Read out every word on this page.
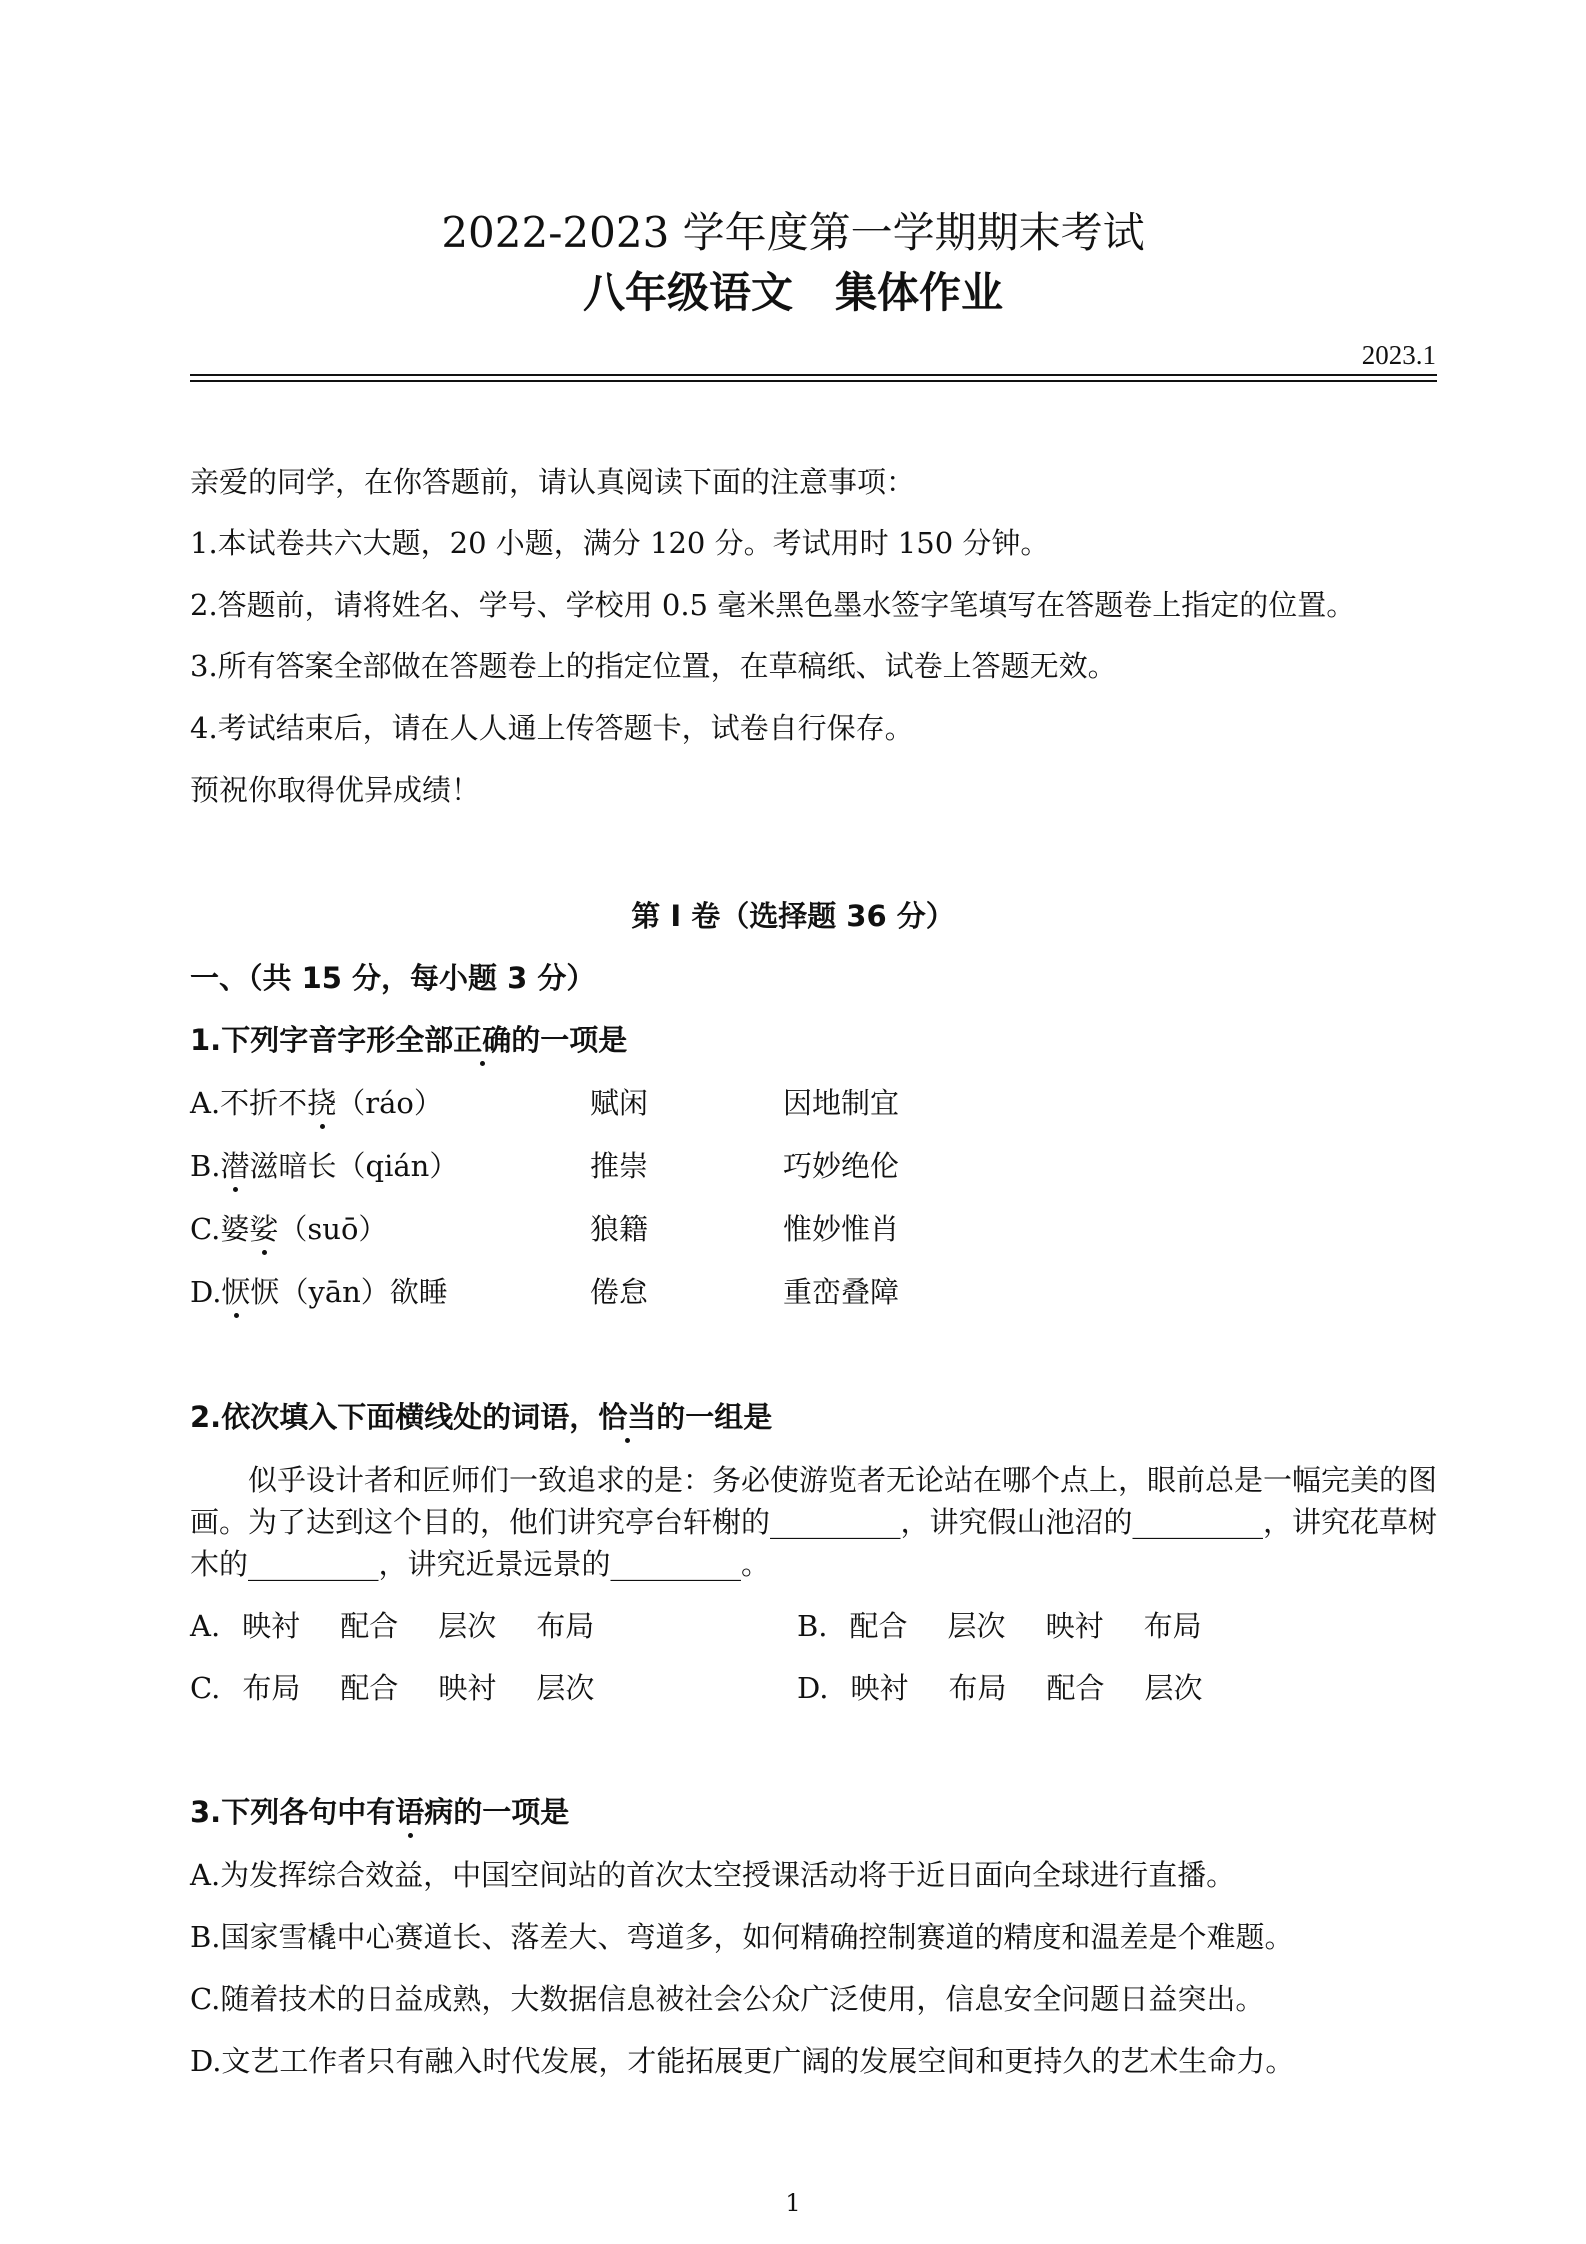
2022-2023 学年度第一学期期末考试
八年级语文 集体作业
2023.1
亲爱的同学，在你答题前，请认真阅读下面的注意事项：
1.本试卷共六大题，20 小题，满分 120 分。考试用时 150 分钟。
2.答题前，请将姓名、学号、学校用 0.5 毫米黑色墨水签字笔填写在答题卷上指定的位置。
3.所有答案全部做在答题卷上的指定位置，在草稿纸、试卷上答题无效。
4.考试结束后，请在人人通上传答题卡，试卷自行保存。
预祝你取得优异成绩！
第 I 卷（选择题 36 分）
一、（共 15 分，每小题 3 分）
1.下列字音字形全部正确的一项是
A.不折不挠（ráo）	赋闲	因地制宜
B.潜滋暗长（qián）	推崇	巧妙绝伦
C.婆娑（suō）	狼籍	惟妙惟肖
D.恹恹（yān）欲睡	倦怠	重峦叠障
2.依次填入下面横线处的词语，恰当的一组是

似乎设计者和匠师们一致追求的是：务必使游览者无论站在哪个点上，眼前总是一幅完美的图画。为了达到这个目的，他们讲究亭台轩榭的_________，讲究假山池沼的_________，讲究花草树木的_________，讲究近景远景的_________。

A. 映衬 配合 层次 布局	B. 配合 层次 映衬 布局
C. 布局 配合 映衬 层次	D. 映衬 布局 配合 层次
3.下列各句中有语病的一项是
A.为发挥综合效益，中国空间站的首次太空授课活动将于近日面向全球进行直播。
B.国家雪橇中心赛道长、落差大、弯道多，如何精确控制赛道的精度和温差是个难题。
C.随着技术的日益成熟，大数据信息被社会公众广泛使用，信息安全问题日益突出。
D.文艺工作者只有融入时代发展，才能拓展更广阔的发展空间和更持久的艺术生命力。
1
